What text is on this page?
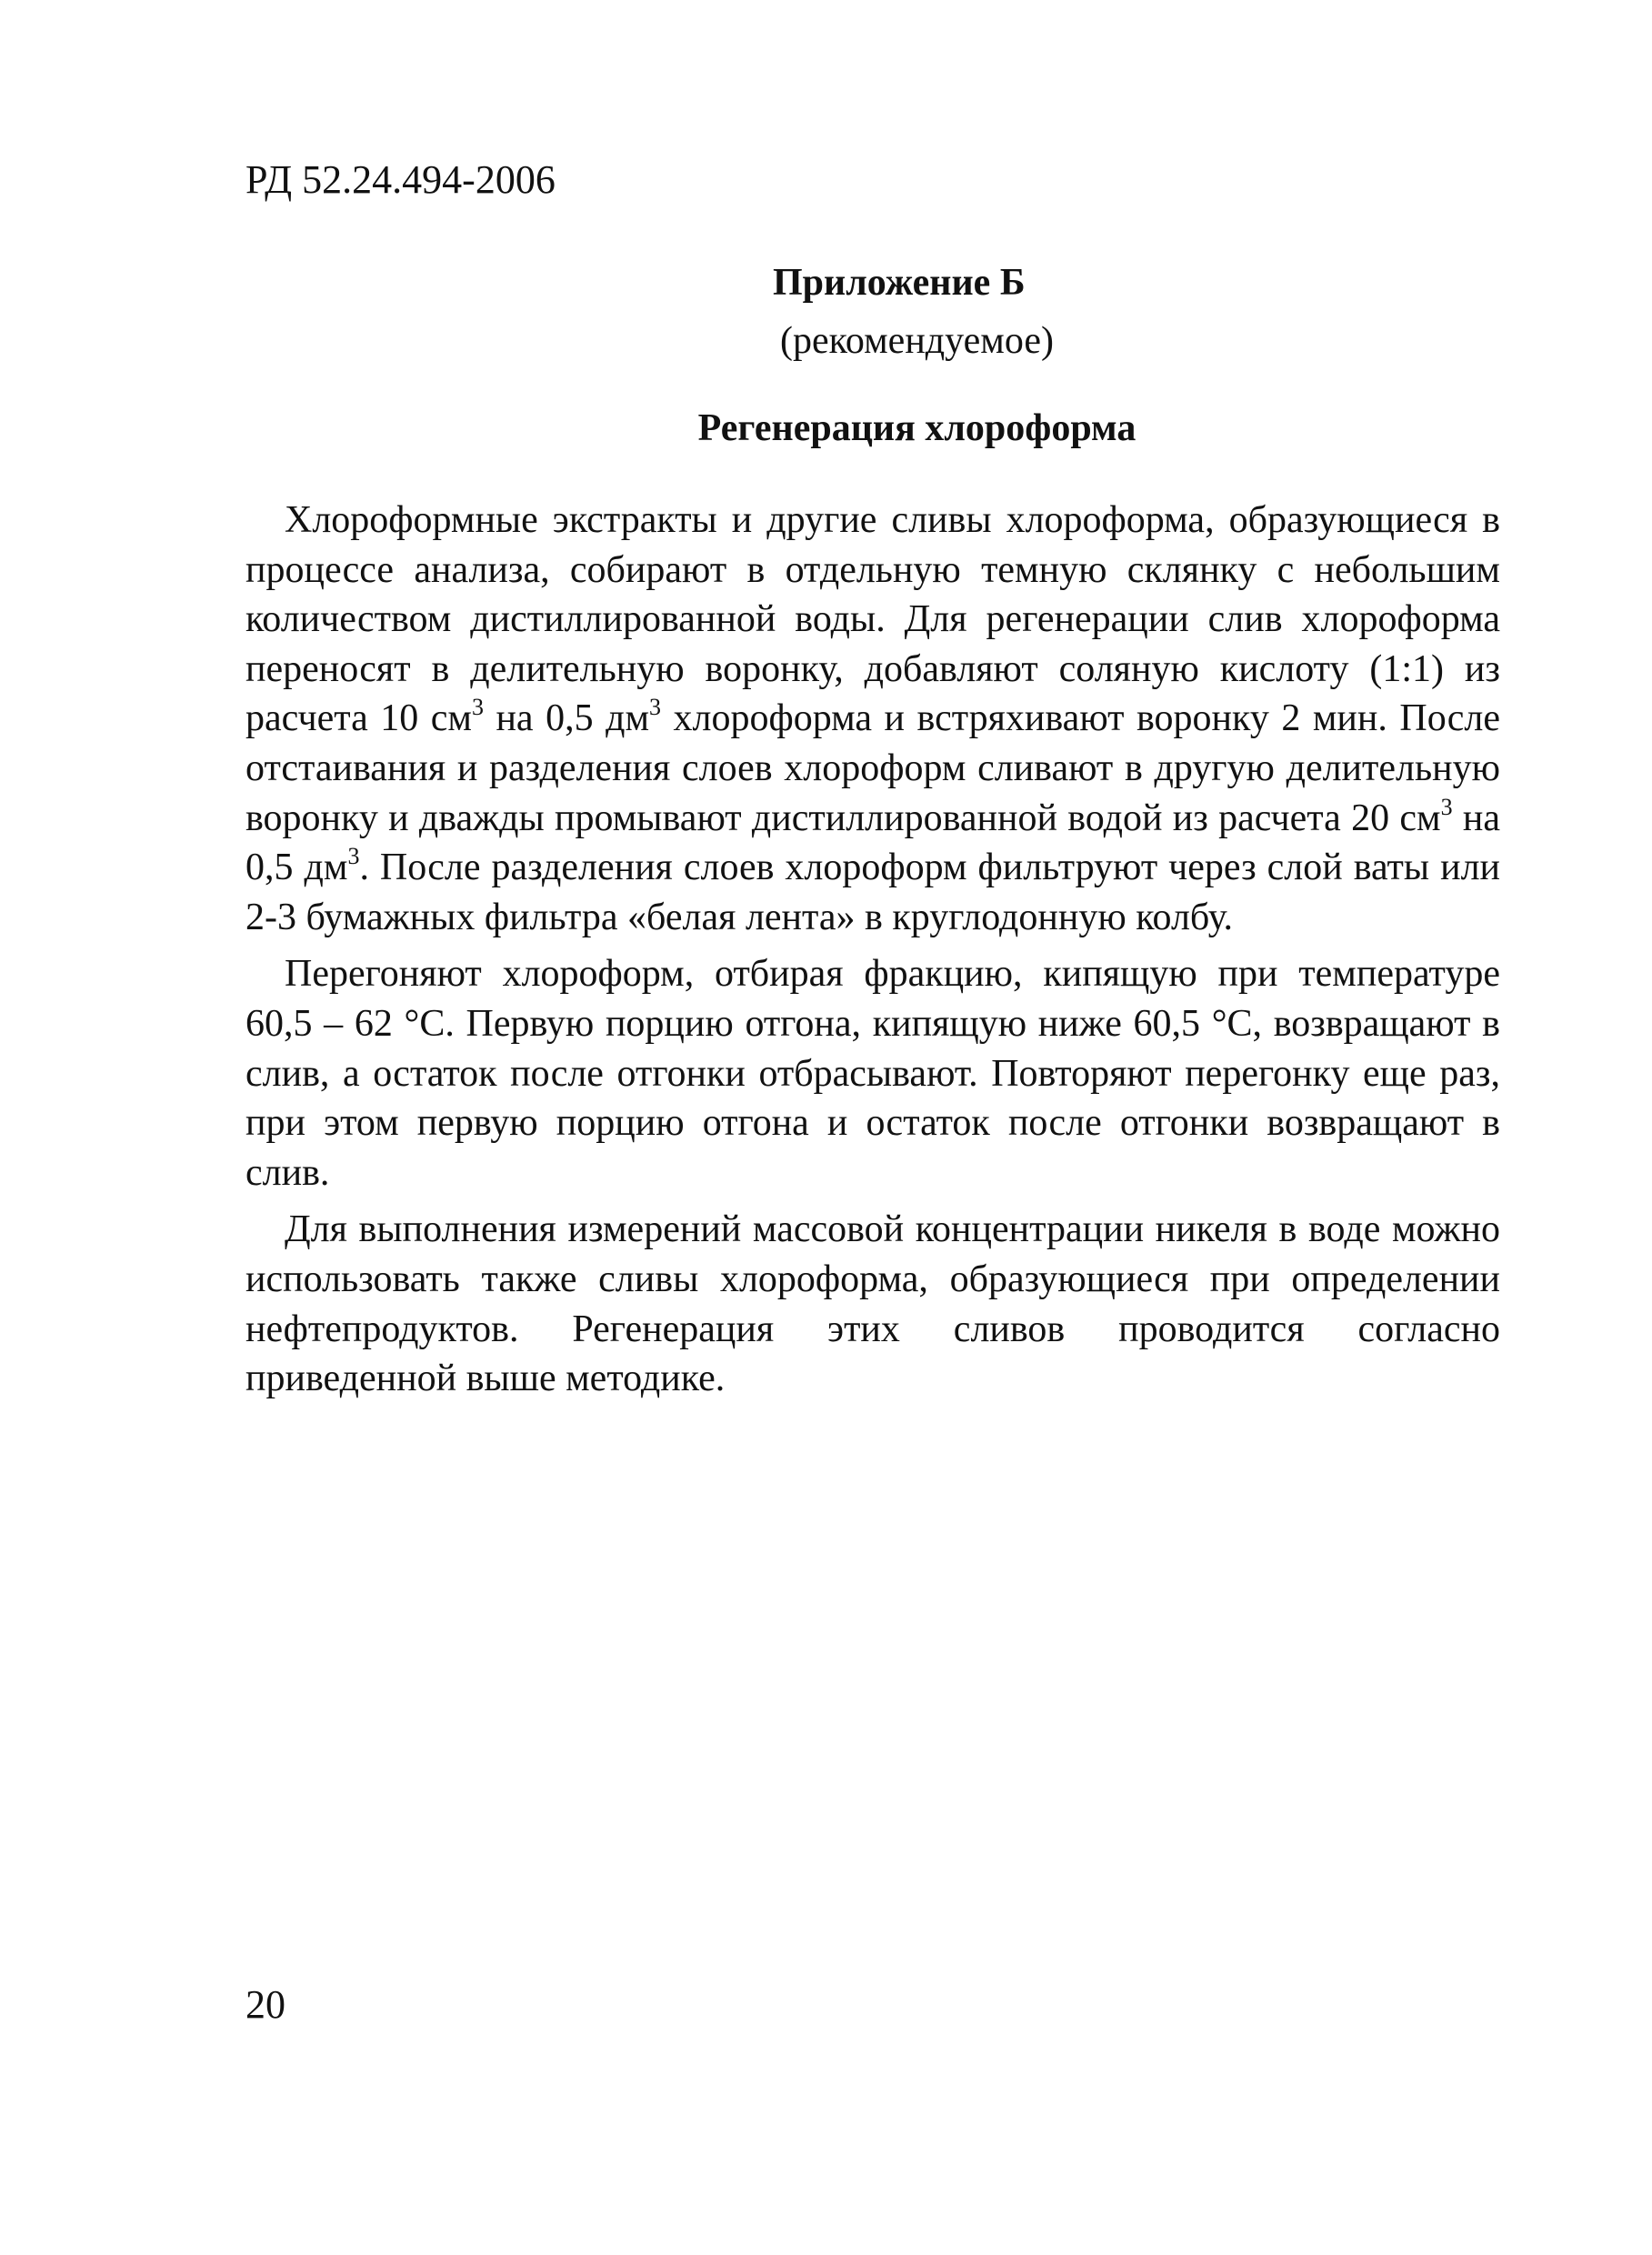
РД 52.24.494-2006
Приложение Б
(рекомендуемое)
Регенерация хлороформа

Хлороформные экстракты и другие сливы хлороформа, образующиеся в процессе анализа, собирают в отдельную темную склянку с небольшим количеством дистиллированной воды. Для регенерации слив хлороформа переносят в делительную воронку, добавляют соляную кислоту (1:1) из расчета 10 $см^3$ на 0,5 $дм^3$ хлороформа и встряхивают воронку 2 мин. После отстаивания и разделения слоев хлороформ сливают в другую делительную воронку и дважды промывают дистиллированной водой из расчета 20 $см^3$ на 0,5 $дм^3$. После разделения слоев хлороформ фильтруют через слой ваты или 2-3 бумажных фильтра «белая лента» в круглодонную колбу.

Перегоняют хлороформ, отбирая фракцию, кипящую при температуре 60,5 – 62 °С. Первую порцию отгона, кипящую ниже 60,5 °С, возвращают в слив, а остаток после отгонки отбрасывают. Повторяют перегонку еще раз, при этом первую порцию отгона и остаток после отгонки возвращают в слив.

Для выполнения измерений массовой концентрации никеля в воде можно использовать также сливы хлороформа, образующиеся при определении нефтепродуктов. Регенерация этих сливов проводится согласно приведенной выше методике.

20
